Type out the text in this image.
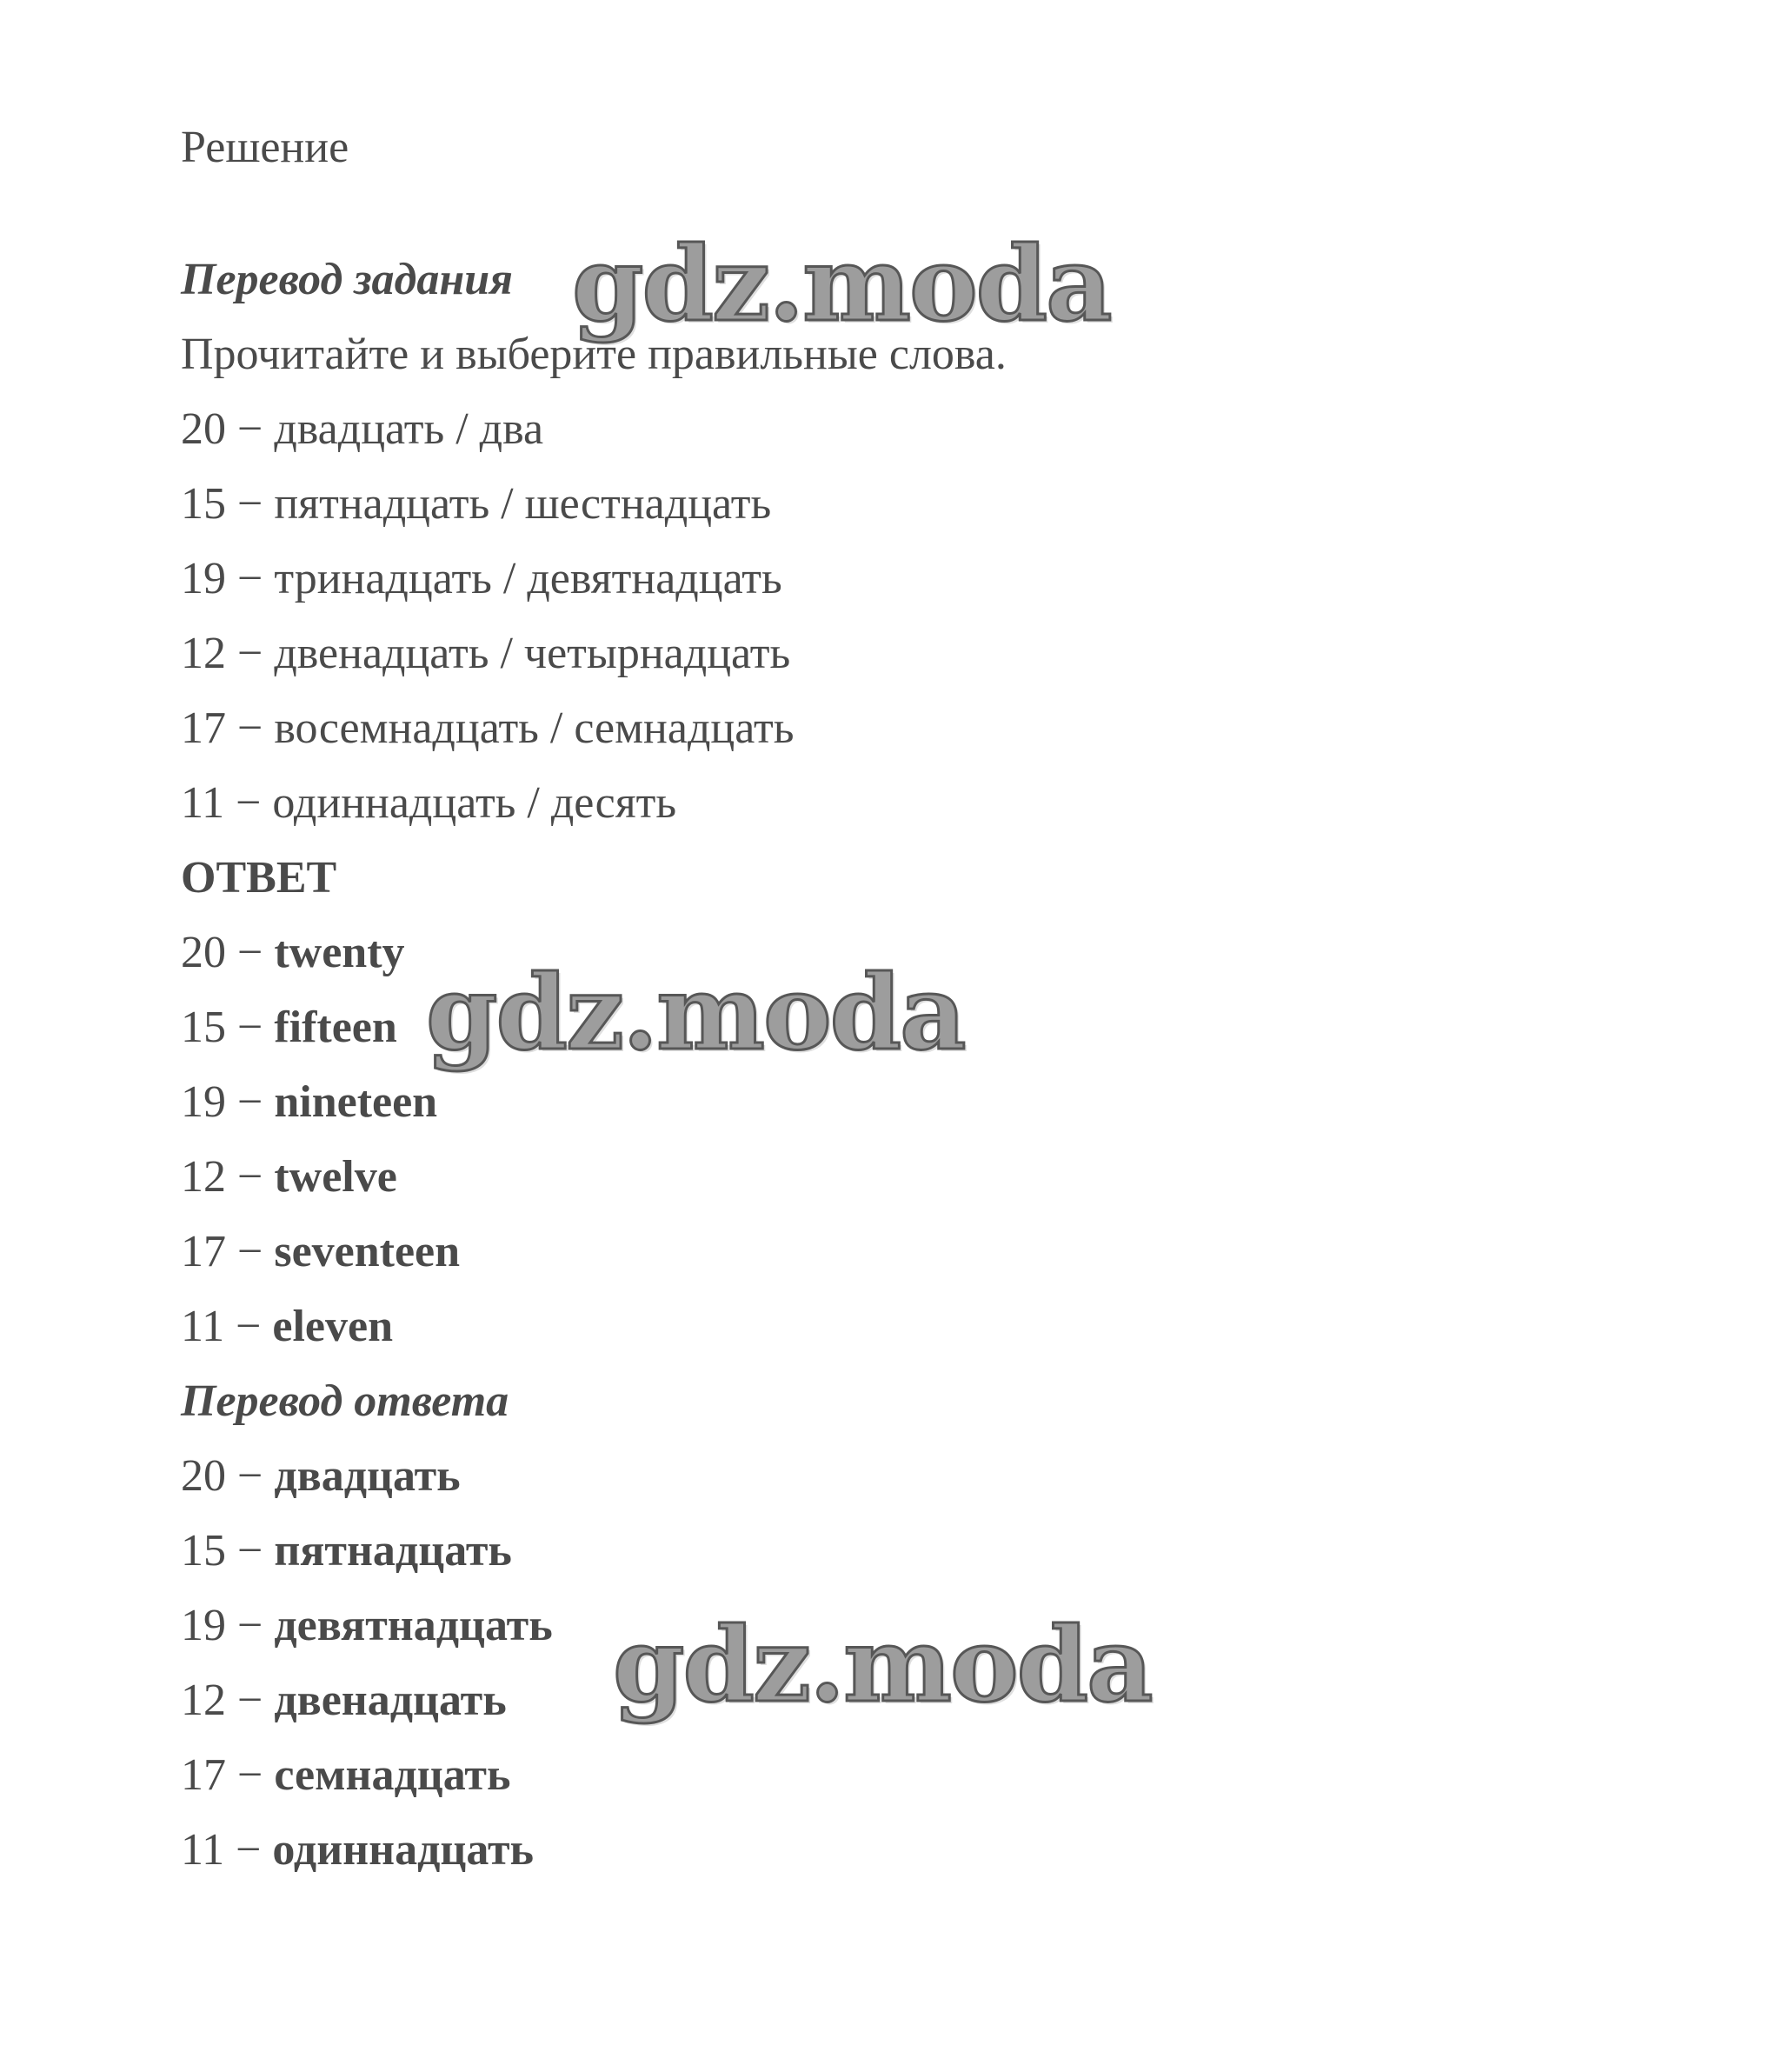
Решение
Перевод задания
Прочитайте и выберите правильные слова.
20 − двадцать / два
15 − пятнадцать / шестнадцать
19 − тринадцать / девятнадцать
12 − двенадцать / четырнадцать
17 − восемнадцать / семнадцать
11 − одиннадцать / десять
ОТВЕТ
20 − twenty
15 − fifteen
19 − nineteen
12 − twelve
17 − seventeen
11 − eleven
Перевод ответа
20 − двадцать
15 − пятнадцать
19 − девятнадцать
12 − двенадцать
17 − семнадцать
11 − одиннадцать
gdz.moda
gdz.moda
gdz.moda
